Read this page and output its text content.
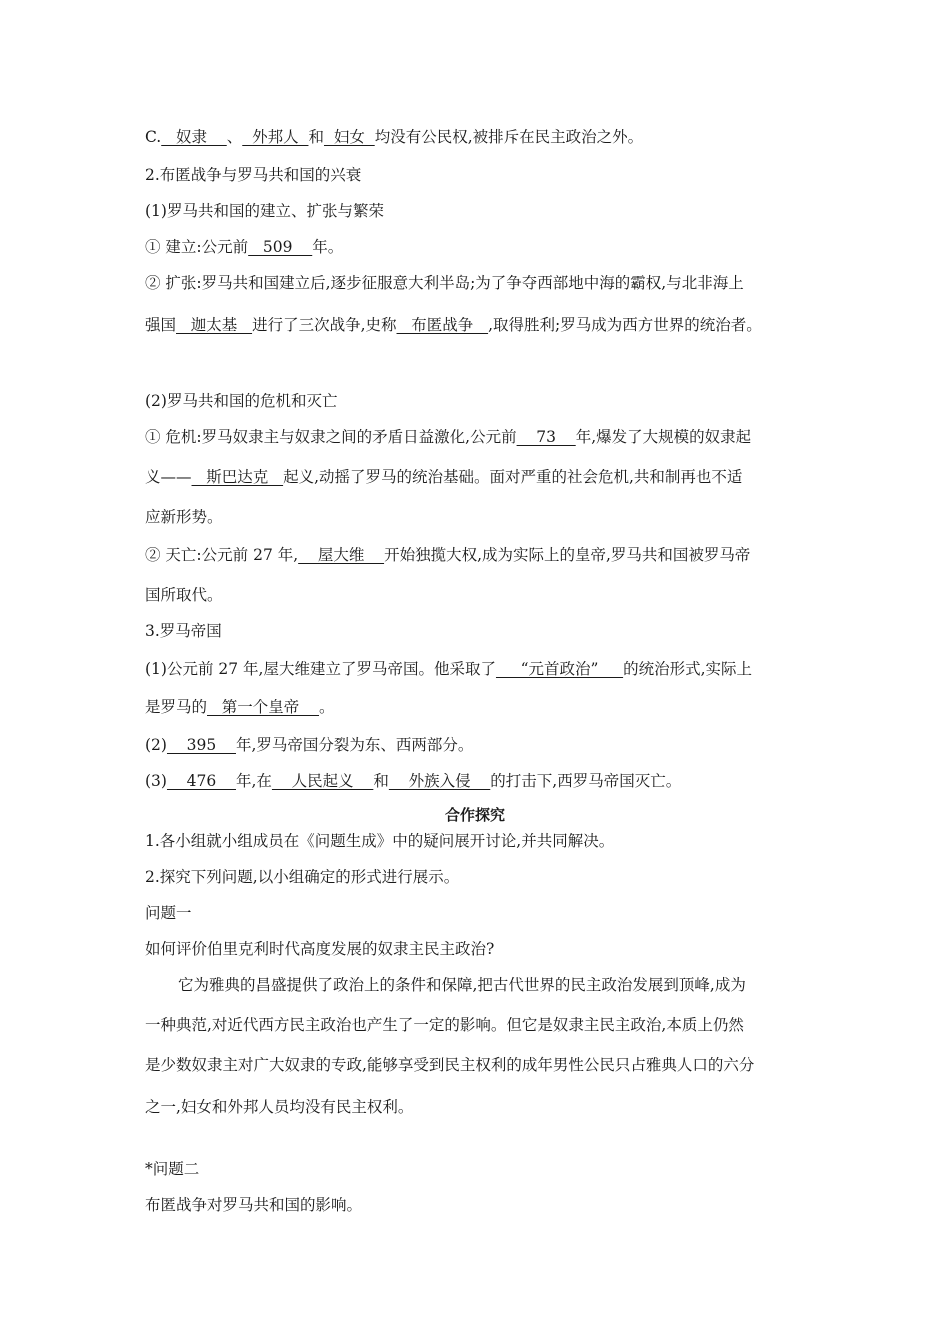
C.   奴隶    、  外邦人  和  妇女  均没有公民权,被排斥在民主政治之外。
2.布匿战争与罗马共和国的兴衰
(1)罗马共和国的建立、扩张与繁荣
① 建立:公元前   509    年。
② 扩张:罗马共和国建立后,逐步征服意大利半岛;为了争夺西部地中海的霸权,与北非海上
强国   迦太基   进行了三次战争,史称   布匿战争   ,取得胜利;罗马成为西方世界的统治者。
(2)罗马共和国的危机和灭亡
① 危机:罗马奴隶主与奴隶之间的矛盾日益激化,公元前    73    年,爆发了大规模的奴隶起
义——   斯巴达克   起义,动摇了罗马的统治基础。面对严重的社会危机,共和制再也不适
应新形势。
② 天亡:公元前 27 年,    屋大维    开始独揽大权,成为实际上的皇帝,罗马共和国被罗马帝
国所取代。
3.罗马帝国
(1)公元前 27 年,屋大维建立了罗马帝国。他采取了     “元首政治”     的统治形式,实际上
是罗马的   第一个皇帝    。
(2)    395    年,罗马帝国分裂为东、西两部分。
(3)    476    年,在    人民起义    和    外族入侵    的打击下,西罗马帝国灭亡。
合作探究
1.各小组就小组成员在《问题生成》中的疑问展开讨论,并共同解决。
2.探究下列问题,以小组确定的形式进行展示。
问题一
如何评价伯里克利时代高度发展的奴隶主民主政治?
它为雅典的昌盛提供了政治上的条件和保障,把古代世界的民主政治发展到顶峰,成为
一种典范,对近代西方民主政治也产生了一定的影响。但它是奴隶主民主政治,本质上仍然
是少数奴隶主对广大奴隶的专政,能够享受到民主权利的成年男性公民只占雅典人口的六分
之一,妇女和外邦人员均没有民主权利。
*问题二
布匿战争对罗马共和国的影响。
